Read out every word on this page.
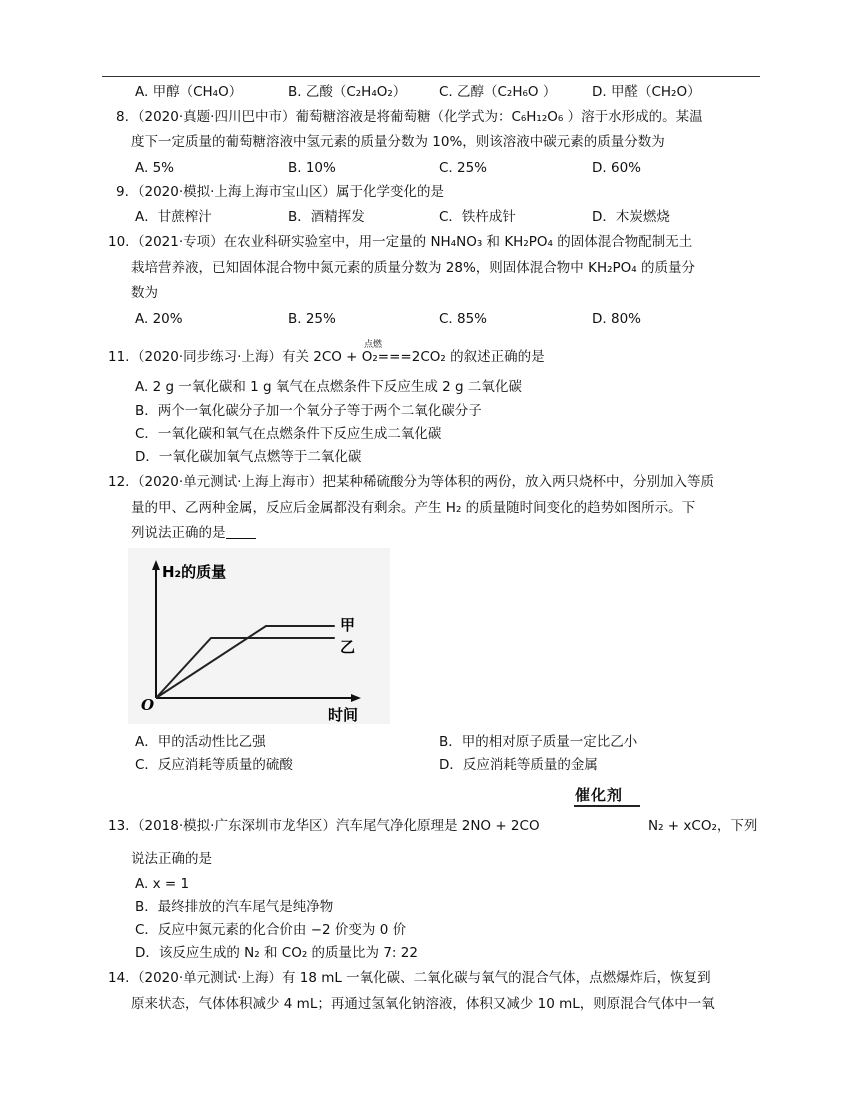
A. 甲醇（CH₄O）	B. 乙酸（C₂H₄O₂） C. 乙醇（C₂H₆O ）	D. 甲醛（CH₂O）
8. （2020·真题·四川巴中市）葡萄糖溶液是将葡萄糖（化学式为：C₆H₁₂O₆ ）溶于水形成的。某温
度下一定质量的葡萄糖溶液中氢元素的质量分数为 10%，则该溶液中碳元素的质量分数为
A. 5%	B. 10%	C. 25%	D. 60%
9. （2020·模拟·上海上海市宝山区）属于化学变化的是
A．甘蔗榨汁	B．酒精挥发	C．铁杵成针	D．木炭燃烧
10. （2021·专项）在农业科研实验室中，用一定量的 NH₄NO₃ 和 KH₂PO₄ 的固体混合物配制无土
栽培营养液，已知固体混合物中氮元素的质量分数为 28%，则固体混合物中 KH₂PO₄ 的质量分
数为
A. 20%	B. 25%	C. 85%	D. 80%
点燃
11. （2020·同步练习·上海）有关 2CO + O₂===2CO₂ 的叙述正确的是
A. 2 g 一氧化碳和 1 g 氧气在点燃条件下反应生成 2 g 二氧化碳
B．两个一氧化碳分子加一个氧分子等于两个二氧化碳分子
C．一氧化碳和氧气在点燃条件下反应生成二氧化碳
D．一氧化碳加氧气点燃等于二氧化碳
12. （2020·单元测试·上海上海市）把某种稀硫酸分为等体积的两份，放入两只烧杯中，分别加入等质
量的甲、乙两种金属，反应后金属都没有剩余。产生 H₂ 的质量随时间变化的趋势如图所示。下
列说法正确的是
H₂的质量
时间
O
甲
乙
A．甲的活动性比乙强	B．甲的相对原子质量一定比乙小
C．反应消耗等质量的硫酸	D．反应消耗等质量的金属
催化剂
13. （2018·模拟·广东深圳市龙华区）汽车尾气净化原理是 2NO + 2CO	N₂ + xCO₂，下列
说法正确的是
A. x = 1
B．最终排放的汽车尾气是纯净物
C．反应中氮元素的化合价由 −2 价变为 0 价
D．该反应生成的 N₂ 和 CO₂ 的质量比为 7: 22
14. （2020·单元测试·上海）有 18 mL 一氧化碳、二氧化碳与氧气的混合气体，点燃爆炸后，恢复到
原来状态，气体体积减少 4 mL；再通过氢氧化钠溶液，体积又减少 10 mL，则原混合气体中一氧
